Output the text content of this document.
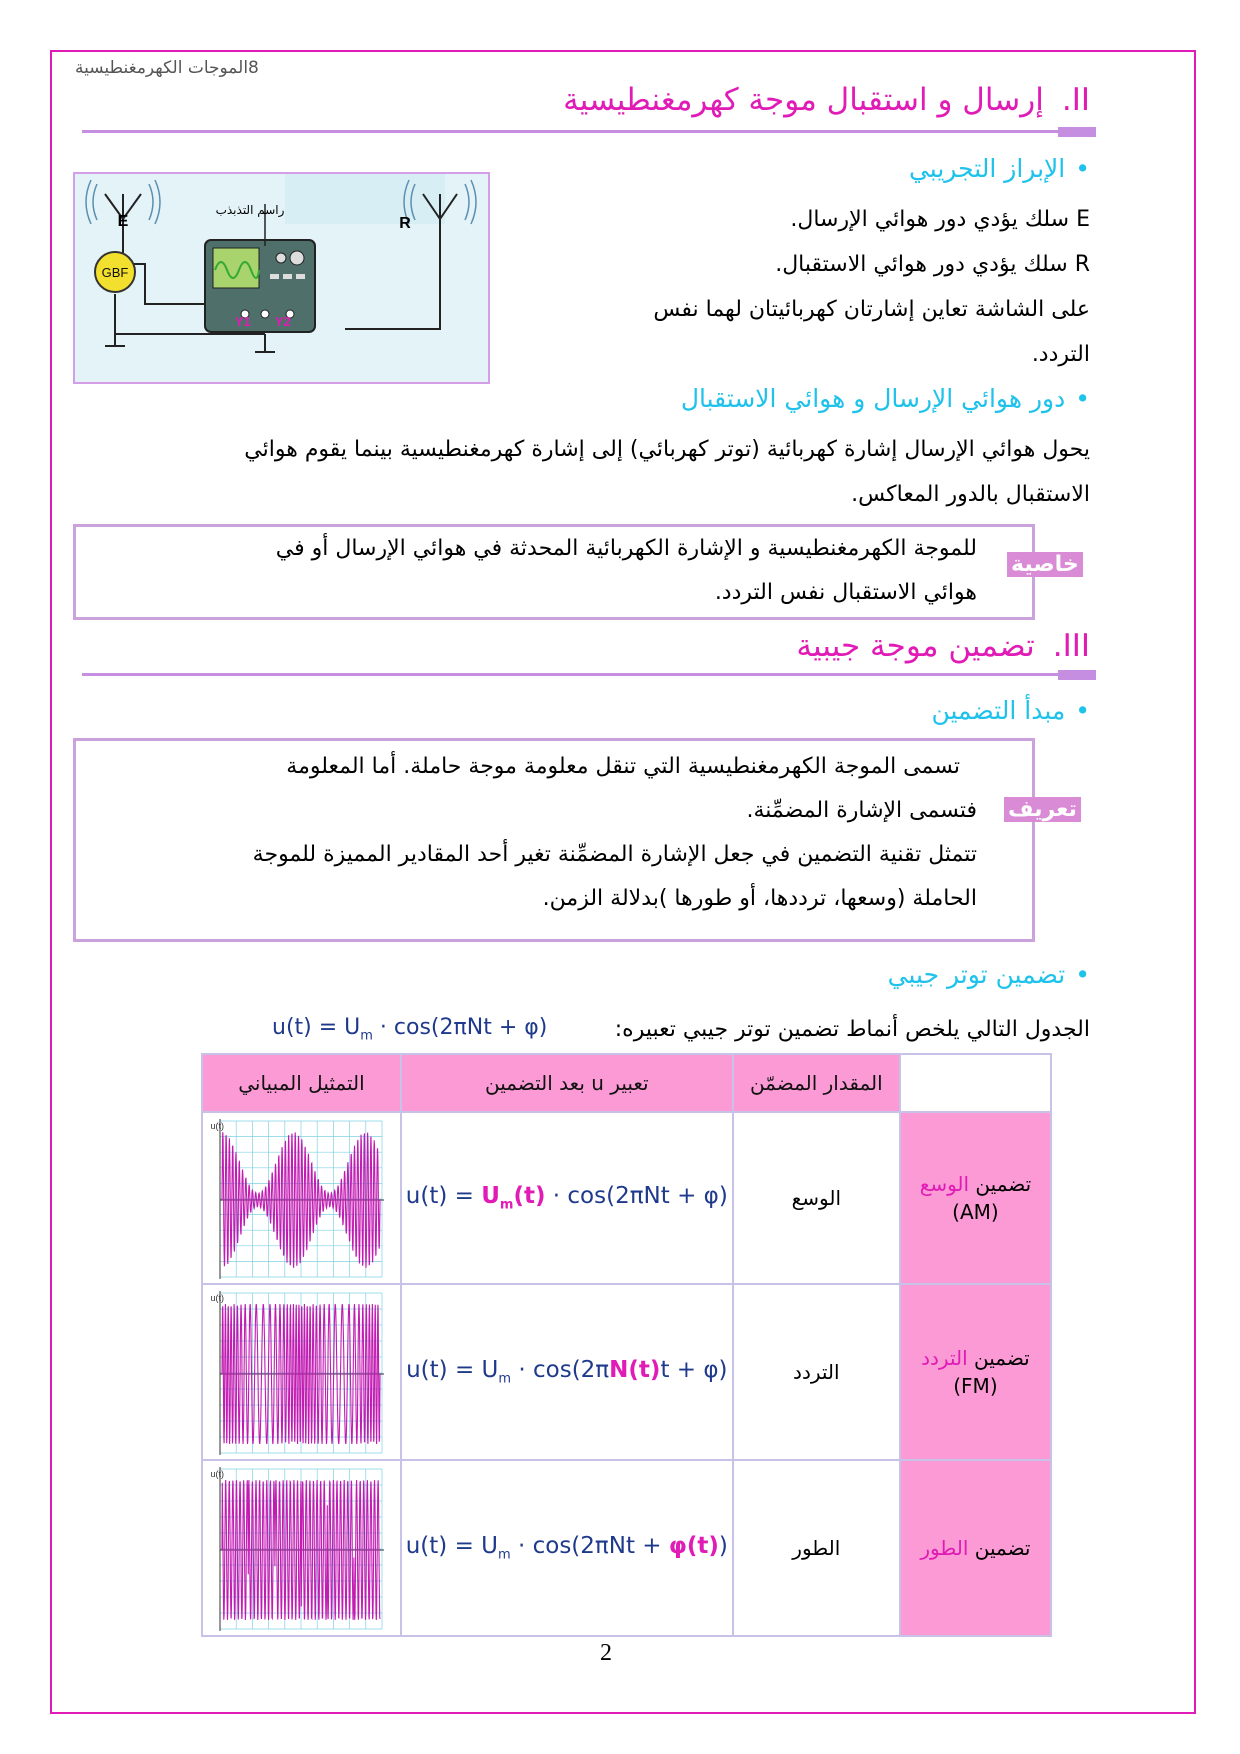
8الموجات الكهرمغنطيسية
II.إرسال و استقبال موجة كهرمغنطيسية
• الإبراز التجريبي
E سلك يؤدي دور هوائي الإرسال.
R سلك يؤدي دور هوائي الاستقبال.
على الشاشة تعاين إشارتان كهربائيتان لهما نفس
التردد.
GBF
E	R
راسم التذبذب
Y1 Y2
• دور هوائي الإرسال و هوائي الاستقبال
يحول هوائي الإرسال إشارة كهربائية (توتر كهربائي) إلى إشارة كهرمغنطيسية بينما يقوم هوائي
الاستقبال بالدور المعاكس.
للموجة الكهرمغنطيسية و الإشارة الكهربائية المحدثة في هوائي الإرسال أو في
هوائي الاستقبال نفس التردد.
خاصية
III.تضمين موجة جيبية
• مبدأ التضمين
تسمى الموجة الكهرمغنطيسية التي تنقل معلومة موجة حاملة. أما المعلومة
فتسمى الإشارة المضمِّنة.
تتمثل تقنية التضمين في جعل الإشارة المضمِّنة تغير أحد المقادير المميزة للموجة
الحاملة (وسعها، ترددها، أو طورها )بدلالة الزمن.
تعريف
• تضمين توتر جيبي
الجدول التالي يلخص أنماط تضمين توتر جيبي تعبيره:
$u(t) = U_m \cdot \cos(2\pi Nt + \varphi)$
	المقدار المضمّن	تعبير u بعد التضمين	التمثيل المبياني
تضمين الوسع
(AM)	الوسع	$u(t) = U_m(t) \cdot \cos(2\pi Nt + \varphi)$	u(t)

تضمين التردد
(FM)	التردد	$u(t) = U_m \cdot \cos(2\pi N(t)t + \varphi)$	u(t)

تضمين الطور	الطور	$u(t) = U_m \cdot \cos(2\pi Nt + \varphi(t))$	u(t)
2
